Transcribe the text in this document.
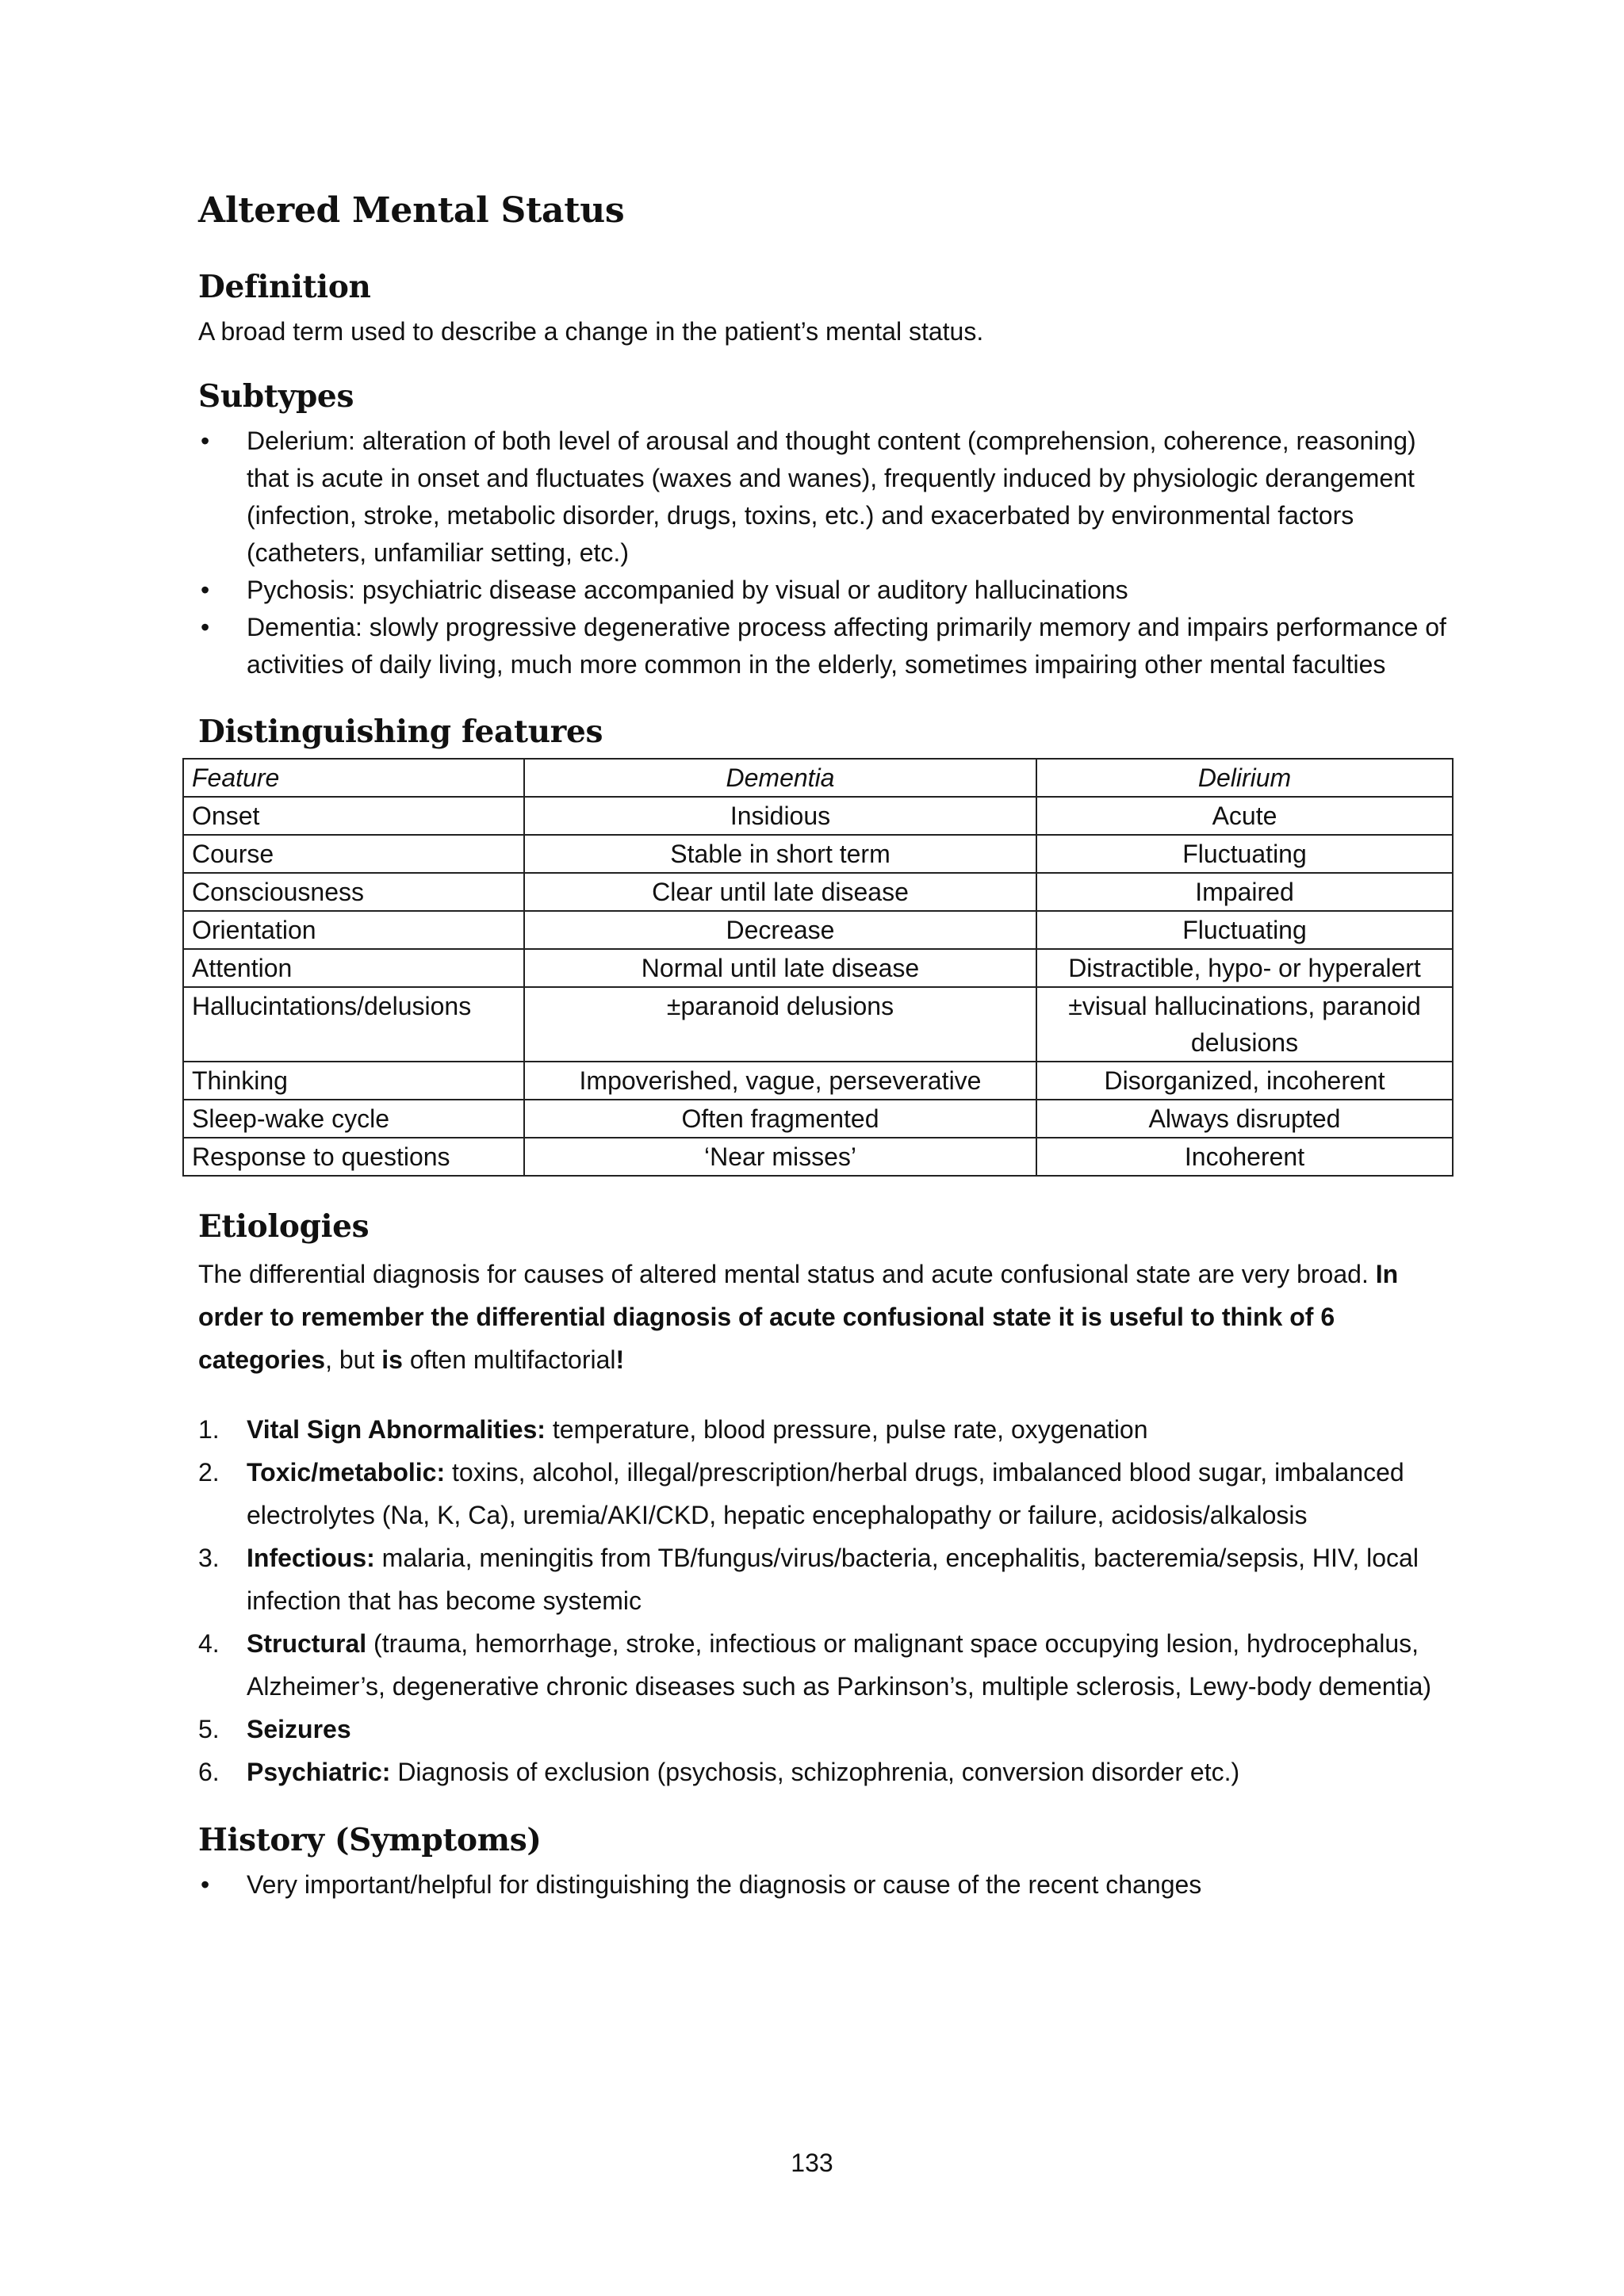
Altered Mental Status
Definition

A broad term used to describe a change in the patient’s mental status.

Subtypes
• Delerium: alteration of both level of arousal and thought content (comprehension, coherence, reasoning) that is acute in onset and fluctuates (waxes and wanes), frequently induced by physiologic derangement (infection, stroke, metabolic disorder, drugs, toxins, etc.) and exacerbated by environmental factors (catheters, unfamiliar setting, etc.)
• Pychosis: psychiatric disease accompanied by visual or auditory hallucinations
• Dementia: slowly progressive degenerative process affecting primarily memory and impairs performance of activities of daily living, much more common in the elderly, sometimes impairing other mental faculties
Distinguishing features
Feature	Dementia	Delirium
Onset	Insidious	Acute
Course	Stable in short term	Fluctuating
Consciousness	Clear until late disease	Impaired
Orientation	Decrease	Fluctuating
Attention	Normal until late disease	Distractible, hypo- or hyperalert
Hallucintations/delusions	±paranoid delusions	±visual hallucinations, paranoid delusions
Thinking	Impoverished, vague, perseverative	Disorganized, incoherent
Sleep-wake cycle	Often fragmented	Always disrupted
Response to questions	‘Near misses’	Incoherent
Etiologies

The differential diagnosis for causes of altered mental status and acute confusional state are very broad. In order to remember the differential diagnosis of acute confusional state it is useful to think of 6 categories, but is often multifactorial!

1. Vital Sign Abnormalities: temperature, blood pressure, pulse rate, oxygenation
2. Toxic/metabolic: toxins, alcohol, illegal/prescription/herbal drugs, imbalanced blood sugar, imbalanced electrolytes (Na, K, Ca), uremia/AKI/CKD, hepatic encephalopathy or failure, acidosis/alkalosis
3. Infectious: malaria, meningitis from TB/fungus/virus/bacteria, encephalitis, bacteremia/sepsis, HIV, local infection that has become systemic
4. Structural (trauma, hemorrhage, stroke, infectious or malignant space occupying lesion, hydrocephalus, Alzheimer’s, degenerative chronic diseases such as Parkinson’s, multiple sclerosis, Lewy-body dementia)
5. Seizures
6. Psychiatric: Diagnosis of exclusion (psychosis, schizophrenia, conversion disorder etc.)
History (Symptoms)
• Very important/helpful for distinguishing the diagnosis or cause of the recent changes
133
